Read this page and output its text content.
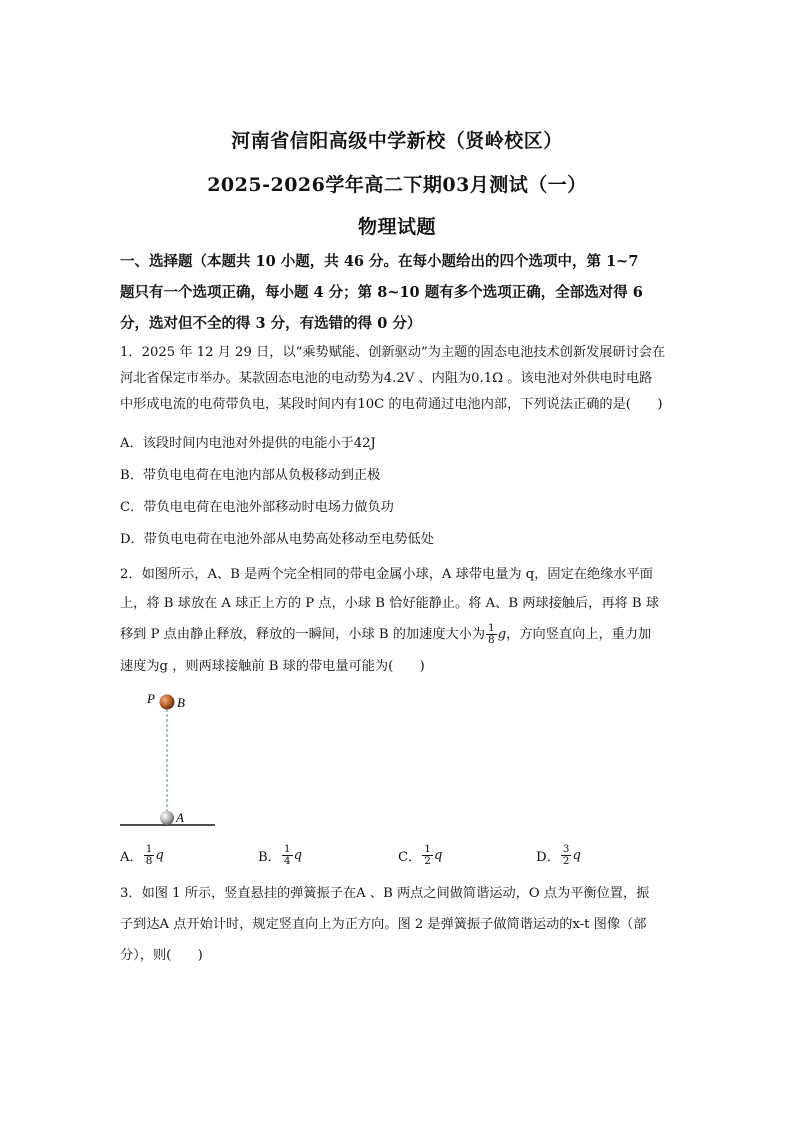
河南省信阳高级中学新校（贤岭校区）
2025-2026学年高二下期03月测试（一）
物理试题
一、选择题（本题共 10 小题，共 46 分。在每小题给出的四个选项中，第 1~7
题只有一个选项正确，每小题 4 分；第 8~10 题有多个选项正确，全部选对得 6
分，选对但不全的得 3 分，有选错的得 0 分）
1．2025 年 12 月 29 日，以“乘势赋能、创新驱动”为主题的固态电池技术创新发展研讨会在
河北省保定市举办。某款固态电池的电动势为4.2V 、内阻为0.1Ω 。该电池对外供电时电路
中形成电流的电荷带负电，某段时间内有10C 的电荷通过电池内部，下列说法正确的是(　　)
A．该段时间内电池对外提供的电能小于42J
B．带负电电荷在电池内部从负极移动到正极
C．带负电电荷在电池外部移动时电场力做负功
D．带负电电荷在电池外部从电势高处移动至电势低处
2．如图所示，A、B 是两个完全相同的带电金属小球，A 球带电量为 q，固定在绝缘水平面
上，将 B 球放在 A 球正上方的 P 点，小球 B 恰好能静止。将 A、B 两球接触后，再将 B 球
移到 P 点由静止释放，释放的一瞬间，小球 B 的加速度大小为 $\frac{1}{8}$ g，方向竖直向上，重力加
速度为g ，则两球接触前 B 球的带电量可能为(　　)
P B
A
A． $\frac{1}{8}$ q	B． $\frac{1}{4}$ q	C． $\frac{1}{2}$ q	D． $\frac{3}{2}$ q
3．如图 1 所示，竖直悬挂的弹簧振子在A 、B 两点之间做简谐运动，O 点为平衡位置，振
子到达A 点开始计时，规定竖直向上为正方向。图 2 是弹簧振子做简谐运动的x-t 图像（部
分），则(　　)
